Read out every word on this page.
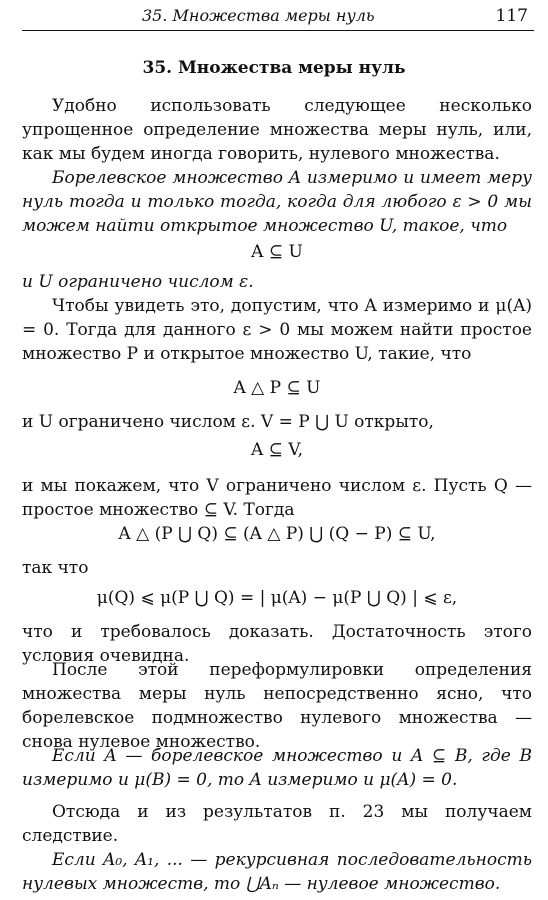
35. Множества меры нуль	117
35. Множества меры нуль
Удобно использовать следующее несколько упрощенное определение множества меры нуль, или, как мы будем иногда говорить, нулевого множества.
Борелевское множество A измеримо и имеет меру нуль тогда и только тогда, когда для любого ε > 0 мы можем найти открытое множество U, такое, что
A ⊆ U
и U ограничено числом ε.
Чтобы увидеть это, допустим, что A измеримо и μ(A) = 0. Тогда для данного ε > 0 мы можем найти простое множество P и открытое множество U, такие, что
A △ P ⊆ U
и U ограничено числом ε. V = P ⋃ U открыто,
A ⊆ V,
и мы покажем, что V ограничено числом ε. Пусть Q — простое множество ⊆ V. Тогда
A △ (P ⋃ Q) ⊆ (A △ P) ⋃ (Q − P) ⊆ U,
так что
μ(Q) ⩽ μ(P ⋃ Q) = | μ(A) − μ(P ⋃ Q) | ⩽ ε,
что и требовалось доказать. Достаточность этого условия очевидна.
После этой переформулировки определения множества меры нуль непосредственно ясно, что борелевское подмножество нулевого множества — снова нулевое множество.
Если A — борелевское множество и A ⊆ B, где B измеримо и μ(B) = 0, то A измеримо и μ(A) = 0.
Отсюда и из результатов п. 23 мы получаем следствие.
Если A₀, A₁, ... — рекурсивная последовательность нулевых множеств, то ⋃Aₙ — нулевое множество.
